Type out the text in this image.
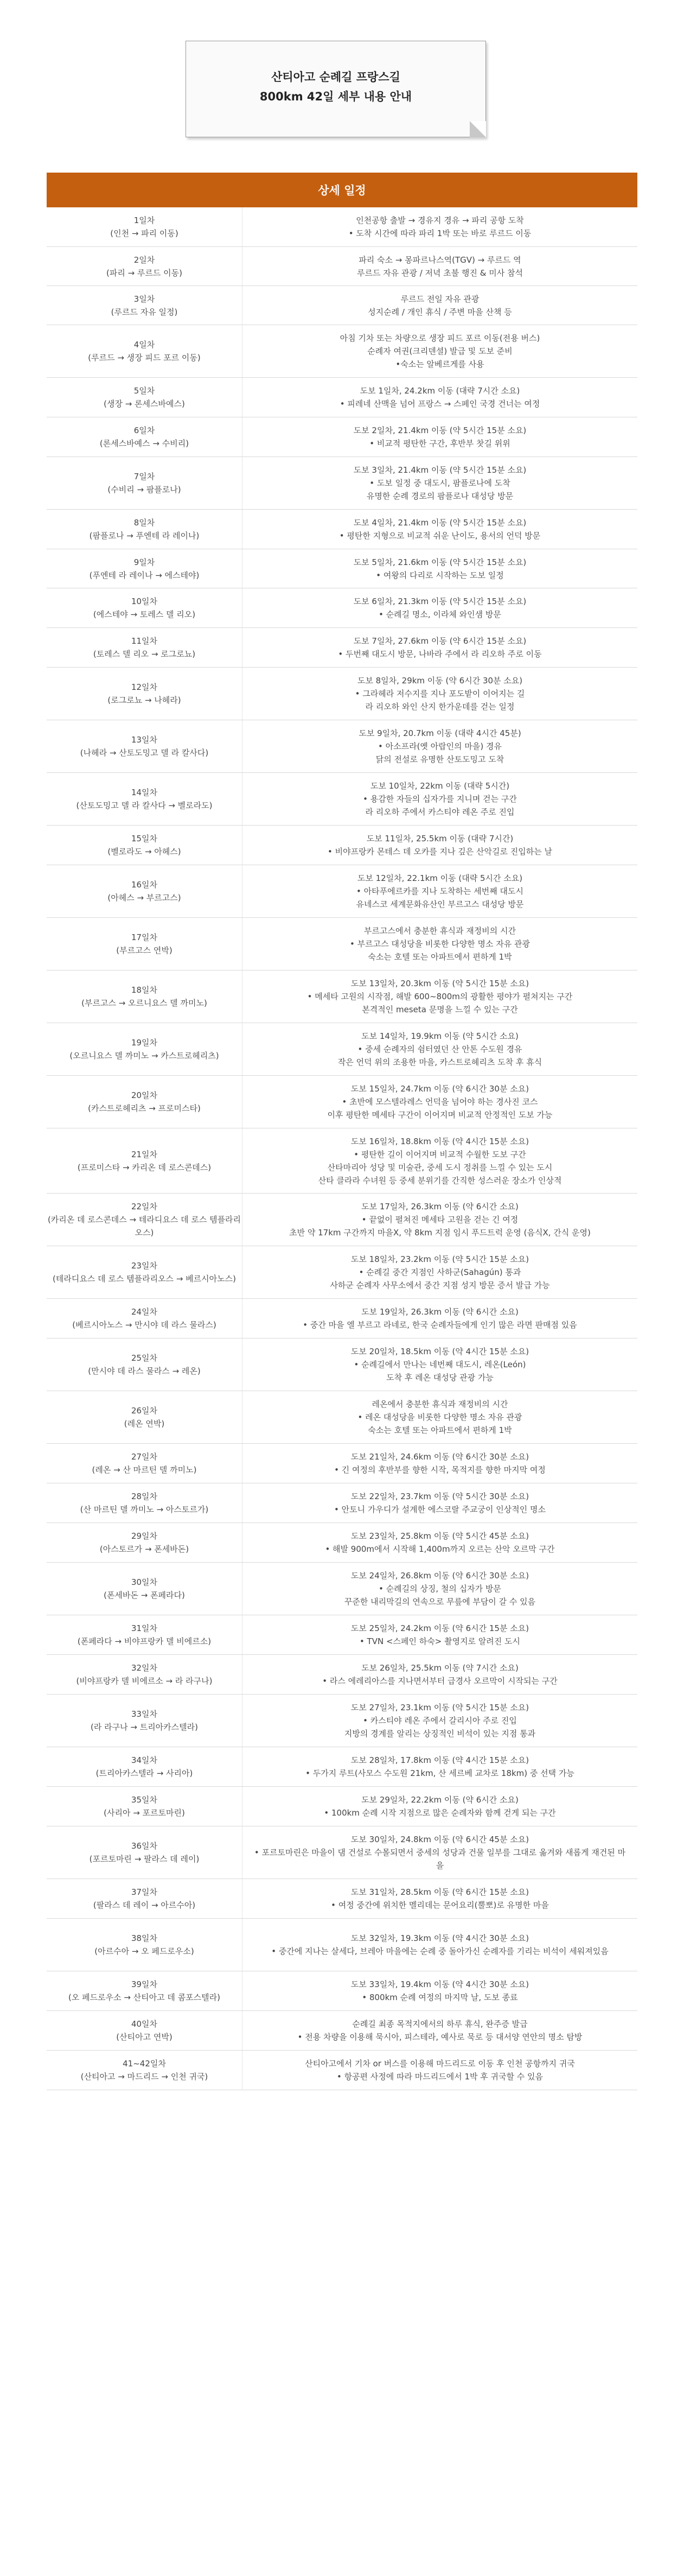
산티아고 순례길 프랑스길
800km 42일 세부 내용 안내
상세 일정
1일차
(인천 → 파리 이동)
인천공항 출발 → 경유지 경유 → 파리 공항 도착
• 도착 시간에 따라 파리 1박 또는 바로 루르드 이동
2일차
(파리 → 루르드 이동)
파리 숙소 → 몽파르나스역(TGV) → 루르드 역
루르드 자유 관광 / 저녁 초불 행진 & 미사 참석
3일차
(루르드 자유 일정)
루르드 전일 자유 관광
성지순례 / 개인 휴식 / 주변 마을 산책 등
4일차
(루르드 → 생장 피드 포르 이동)
아침 기차 또는 차량으로 생장 피드 포르 이동(전용 버스)
순례자 여권(크리덴셜) 발급 및 도보 준비
•숙소는 알베르게를 사용
5일차
(생장 → 론세스바예스)
도보 1일차, 24.2km 이동 (대략 7시간 소요)
• 피레네 산맥을 넘어 프랑스 → 스페인 국경 건너는 여정
6일차
(론세스바예스 → 수비리)
도보 2일차, 21.4km 이동 (약 5시간 15분 소요)
• 비교적 평탄한 구간, 후반부 찻길 위위
7일차
(수비리 → 팜플로나)
도보 3일차, 21.4km 이동 (약 5시간 15분 소요)
• 도보 일정 중 대도시, 팜플로나에 도착
유명한 순례 경로의 팜플로나 대성당 방문
8일차
(팜플로나 → 푸엔테 라 레이나)
도보 4일차, 21.4km 이동 (약 5시간 15분 소요)
• 평탄한 지형으로 비교적 쉬운 난이도, 용서의 언덕 방문
9일차
(푸엔테 라 레이나 → 에스테야)
도보 5일차, 21.6km 이동 (약 5시간 15분 소요)
• 여왕의 다리로 시작하는 도보 일정
10일차
(에스테야 → 토레스 델 리오)
도보 6일차, 21.3km 이동 (약 5시간 15분 소요)
• 순례길 명소, 이라체 와인샘 방문
11일차
(토레스 델 리오 → 로그로뇨)
도보 7일차, 27.6km 이동 (약 6시간 15분 소요)
• 두번째 대도시 방문, 나바라 주에서 라 리오하 주로 이동
12일차
(로그로뇨 → 나헤라)
도보 8일차, 29km 이동 (약 6시간 30분 소요)
• 그라헤라 저수지를 지나 포도밭이 이어지는 길
라 리오하 와인 산지 한가운데를 걷는 일정
13일차
(나헤라 → 산토도밍고 델 라 칼사다)
도보 9일차, 20.7km 이동 (대략 4시간 45분)
• 아소프라(옛 아랍인의 마을) 경유
닭의 전설로 유명한 산토도밍고 도착
14일차
(산토도밍고 델 라 칼사다 → 벨로라도)
도보 10일차, 22km 이동 (대략 5시간)
• 용감한 자들의 십자가를 지니며 걷는 구간
라 리오하 주에서 카스티야 레온 주로 진입
15일차
(벨로라도 → 아헤스)
도보 11일차, 25.5km 이동 (대략 7시간)
• 비야프랑카 몬테스 데 오카를 지나 깊은 산악길로 진입하는 날
16일차
(아헤스 → 부르고스)
도보 12일차, 22.1km 이동 (대략 5시간 소요)
• 아타푸에르카를 지나 도착하는 세번째 대도시
유네스코 세계문화유산인 부르고스 대성당 방문
17일차
(부르고스 연박)
부르고스에서 충분한 휴식과 재정비의 시간
• 부르고스 대성당을 비롯한 다양한 명소 자유 관광
숙소는 호텔 또는 아파트에서 편하게 1박
18일차
(부르고스 → 오르니요스 델 까미노)
도보 13일차, 20.3km 이동 (약 5시간 15분 소요)
• 메세타 고원의 시작점, 해발 600~800m의 광활한 평야가 펼쳐지는 구간
본격적인 meseta 문명을 느낄 수 있는 구간
19일차
(오르니요스 델 까미노 → 카스트로헤리츠)
도보 14일차, 19.9km 이동 (약 5시간 소요)
• 중세 순례자의 쉼터였던 산 안톤 수도원 경유
작은 언덕 위의 조용한 마을, 카스트로헤리츠 도착 후 휴식
20일차
(카스트로헤리츠 → 프로미스타)
도보 15일차, 24.7km 이동 (약 6시간 30분 소요)
• 초반에 모스텔라레스 언덕을 넘어야 하는 경사진 코스
이후 평탄한 메세타 구간이 이어지며 비교적 안정적인 도보 가능
21일차
(프로미스타 → 카리온 데 로스콘데스)
도보 16일차, 18.8km 이동 (약 4시간 15분 소요)
• 평탄한 길이 이어지며 비교적 수월한 도보 구간
산타마리아 성당 및 미술관, 중세 도시 정취를 느낄 수 있는 도시
산타 클라라 수녀원 등 중세 분위기를 간직한 성스러운 장소가 인상적
22일차
(카리온 데 로스콘데스 → 테라디요스 데 로스 템플라리오스)
도보 17일차, 26.3km 이동 (약 6시간 소요)
• 끝없이 펼쳐진 메세타 고원을 걷는 긴 여정
초반 약 17km 구간까지 마을X, 약 8km 지점 임시 푸드트럭 운영 (음식X, 간식 운영)
23일차
(테라디요스 데 로스 템플라리오스 → 베르시아노스)
도보 18일차, 23.2km 이동 (약 5시간 15분 소요)
• 순례길 중간 지점인 사하군(Sahagún) 통과
사하군 순례자 사무소에서 중간 지점 성지 방문 증서 발급 가능
24일차
(베르시아노스 → 만시야 데 라스 물라스)
도보 19일차, 26.3km 이동 (약 6시간 소요)
• 중간 마을 엘 부르고 라네로, 한국 순례자들에게 인기 많은 라면 판매점 있음
25일차
(만시야 데 라스 물라스 → 레온)
도보 20일차, 18.5km 이동 (약 4시간 15분 소요)
• 순례길에서 만나는 네번째 대도시, 레온(León)
도착 후 레온 대성당 관광 가능
26일차
(레온 연박)
레온에서 충분한 휴식과 재정비의 시간
• 레온 대성당을 비롯한 다양한 명소 자유 관광
숙소는 호텔 또는 아파트에서 편하게 1박
27일차
(레온 → 산 마르틴 델 까미노)
도보 21일차, 24.6km 이동 (약 6시간 30분 소요)
• 긴 여정의 후반부를 향한 시작, 목적지를 향한 마지막 여정
28일차
(산 마르틴 델 까미노 → 아스토르가)
도보 22일차, 23.7km 이동 (약 5시간 30분 소요)
• 안토니 가우디가 설계한 에스코랄 주교궁이 인상적인 명소
29일차
(아스토르가 → 폰세바돈)
도보 23일차, 25.8km 이동 (약 5시간 45분 소요)
• 해발 900m에서 시작해 1,400m까지 오르는 산악 오르막 구간
30일차
(폰세바돈 → 폰페라다)
도보 24일차, 26.8km 이동 (약 6시간 30분 소요)
• 순례길의 상징, 철의 십자가 방문
꾸준한 내리막길의 연속으로 무릎에 부담이 갈 수 있음
31일차
(폰페라다 → 비야프랑카 델 비에르소)
도보 25일차, 24.2km 이동 (약 6시간 15분 소요)
• TVN <스페인 하숙> 촬영지로 알려진 도시
32일차
(비야프랑카 델 비에르소 → 라 라구나)
도보 26일차, 25.5km 이동 (약 7시간 소요)
• 라스 에레리아스를 지나면서부터 급경사 오르막이 시작되는 구간
33일차
(라 라구나 → 트리아카스텔라)
도보 27일차, 23.1km 이동 (약 5시간 15분 소요)
• 카스티야 레온 주에서 갈리시아 주로 진입
지방의 경계를 알리는 상징적인 비석이 있는 지점 통과
34일차
(트리아카스텔라 → 사리아)
도보 28일차, 17.8km 이동 (약 4시간 15분 소요)
• 두가지 루트(사모스 수도원 21km, 산 세르베 교차로 18km) 중 선택 가능
35일차
(사리아 → 포르토마린)
도보 29일차, 22.2km 이동 (약 6시간 소요)
• 100km 순례 시작 지점으로 많은 순례자와 함께 걷게 되는 구간
36일차
(포르토마린 → 팔라스 데 레이)
도보 30일차, 24.8km 이동 (약 6시간 45분 소요)
• 포르토마린은 마을이 댐 건설로 수몰되면서 중세의 성당과 건물 일부를 그대로 옮겨와 새롭게 재건된 마을
37일차
(팔라스 데 레이 → 아르수아)
도보 31일차, 28.5km 이동 (약 6시간 15분 소요)
• 여정 중간에 위치한 멜리데는 문어요리(뿔뽀)로 유명한 마을
38일차
(아르수아 → 오 페드로우소)
도보 32일차, 19.3km 이동 (약 4시간 30분 소요)
• 중간에 지나는 살세다, 브레아 마을에는 순례 중 돌아가신 순례자를 기리는 비석이 세워져있음
39일차
(오 페드로우소 → 산티아고 데 콤포스텔라)
도보 33일차, 19.4km 이동 (약 4시간 30분 소요)
• 800km 순례 여정의 마지막 날, 도보 종료
40일차
(산티아고 연박)
순례길 최종 목적지에서의 하루 휴식, 완주증 발급
• 전용 차량을 이용해 묵시아, 피스테라, 예사로 묵로 등 대서양 연안의 명소 탐방
41~42일차
(산티아고 → 마드리드 → 인천 귀국)
산티아고에서 기차 or 버스를 이용해 마드리드로 이동 후 인천 공항까지 귀국
• 항공편 사정에 따라 마드리드에서 1박 후 귀국할 수 있음
